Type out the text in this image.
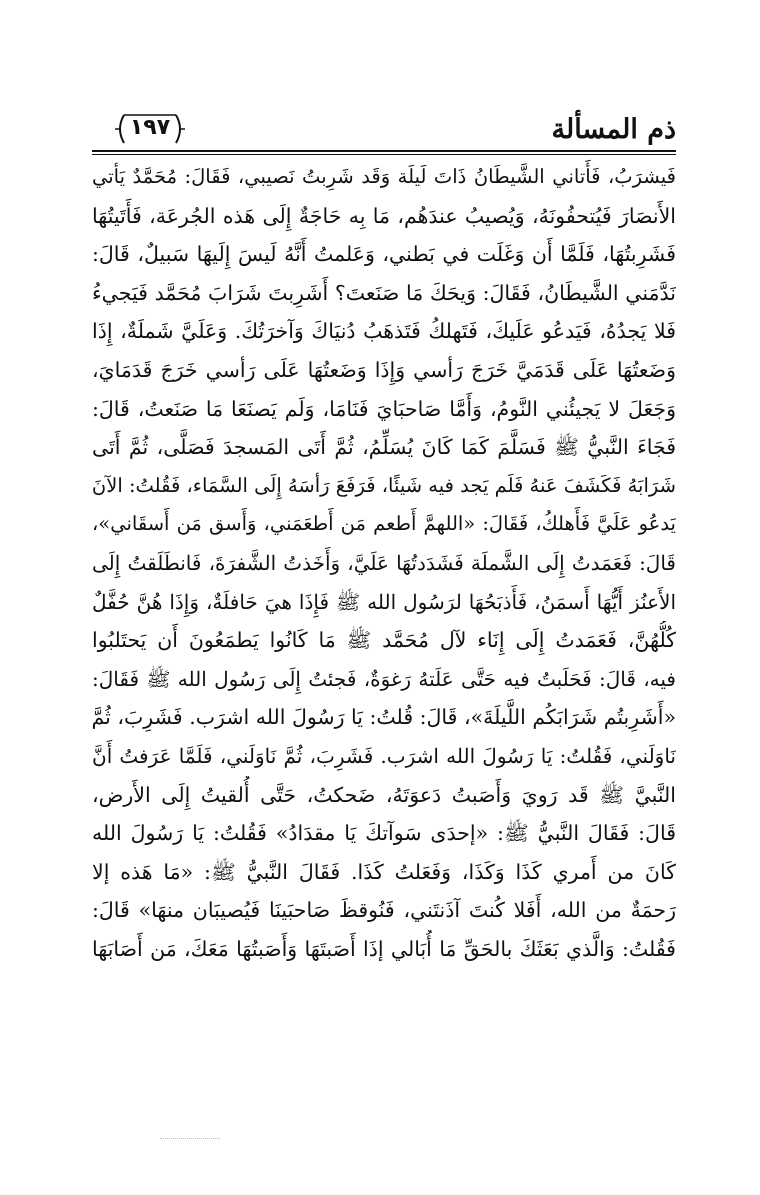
ذم المسألة
١٩٧
فَيشرَبُ، فَأَتاني الشَّيطَانُ ذَاتَ لَيلَة وَقَد شَرِبتُ نَصيبي، فَقَالَ: مُحَمَّدٌ يَأتي
الأَنصَارَ فَيُتحفُونَهُ، وَيُصيبُ عندَهُم، مَا بِه حَاجَةٌ إِلَى هَذه الجُرعَة، فَأَتَيتُهَا
فَشَرِبتُهَا، فَلَمَّا أَن وَغَلَت في بَطني، وَعَلمتُ أَنَّهُ لَيسَ إِلَيهَا سَبيلٌ، قَالَ:
نَدَّمَني الشَّيطَانُ، فَقَالَ: وَيحَكَ مَا صَنَعتَ؟ أَشَرِبتَ شَرَابَ مُحَمَّد فَيَجيءُ
فَلا يَجدُهُ، فَيَدعُو عَلَيكَ، فَتَهلكُ فَتَذهَبُ دُنيَاكَ وَآخرَتُكَ. وَعَلَيَّ شَملَةٌ، إِذَا
وَضَعتُهَا عَلَى قَدَمَيَّ خَرَجَ رَأسي وَإِذَا وَضَعتُهَا عَلَى رَأسي خَرَجَ قَدَمَايَ،
وَجَعَلَ لا يَجيئُني النَّومُ، وَأَمَّا صَاحبَايَ فَنَامَا، وَلَم يَصنَعَا مَا صَنَعتُ، قَالَ:
فَجَاءَ النَّبيُّ ﷺ فَسَلَّمَ كَمَا كَانَ يُسَلِّمُ، ثُمَّ أَتَى المَسجدَ فَصَلَّى، ثُمَّ أَتَى
شَرَابَهُ فَكَشَفَ عَنهُ فَلَم يَجد فيه شَيئًا، فَرَفَعَ رَأسَهُ إِلَى السَّمَاء، فَقُلتُ: الآنَ
يَدعُو عَلَيَّ فَأَهلكُ، فَقَالَ: «اللهمَّ أَطعم مَن أَطعَمَني، وَأَسق مَن أَسقَاني»،
قَالَ: فَعَمَدتُ إِلَى الشَّملَة فَشَدَدتُهَا عَلَيَّ، وَأَخَذتُ الشَّفرَةَ، فَانطَلَقتُ إِلَى
الأَعنُز أَيُّهَا أَسمَنُ، فَأَذبَحُهَا لرَسُول الله ﷺ فَإِذَا هيَ حَافلَةٌ، وَإِذَا هُنَّ حُفَّلٌ
كُلُّهُنَّ، فَعَمَدتُ إِلَى إِنَاء لآل مُحَمَّد ﷺ مَا كَانُوا يَطمَعُونَ أَن يَحتَلبُوا
فيه، قَالَ: فَحَلَبتُ فيه حَتَّى عَلَتهُ رَغوَةٌ، فَجئتُ إِلَى رَسُول الله ﷺ فَقَالَ:
«أَشَرِبتُم شَرَابَكُم اللَّيلَةَ»، قَالَ: قُلتُ: يَا رَسُولَ الله اشرَب. فَشَرِبَ، ثُمَّ
نَاوَلَني، فَقُلتُ: يَا رَسُولَ الله اشرَب. فَشَرِبَ، ثُمَّ نَاوَلَني، فَلَمَّا عَرَفتُ أَنَّ
النَّبيَّ ﷺ قَد رَويَ وَأَصَبتُ دَعوَتَهُ، ضَحكتُ، حَتَّى أُلقيتُ إِلَى الأَرض،
قَالَ: فَقَالَ النَّبيُّ ﷺ: «إحدَى سَوآتكَ يَا مقدَادُ» فَقُلتُ: يَا رَسُولَ الله
كَانَ من أَمري كَذَا وَكَذَا، وَفَعَلتُ كَذَا. فَقَالَ النَّبيُّ ﷺ: «مَا هَذه إلا
رَحمَةٌ من الله، أَفَلا كُنتَ آذَنتَني، فَنُوقظَ صَاحبَينَا فَيُصيبَان منهَا» قَالَ:
فَقُلتُ: وَالَّذي بَعَثَكَ بالحَقِّ مَا أُبَالي إذَا أَصَبتَهَا وَأَصَبتُهَا مَعَكَ، مَن أَصَابَهَا
